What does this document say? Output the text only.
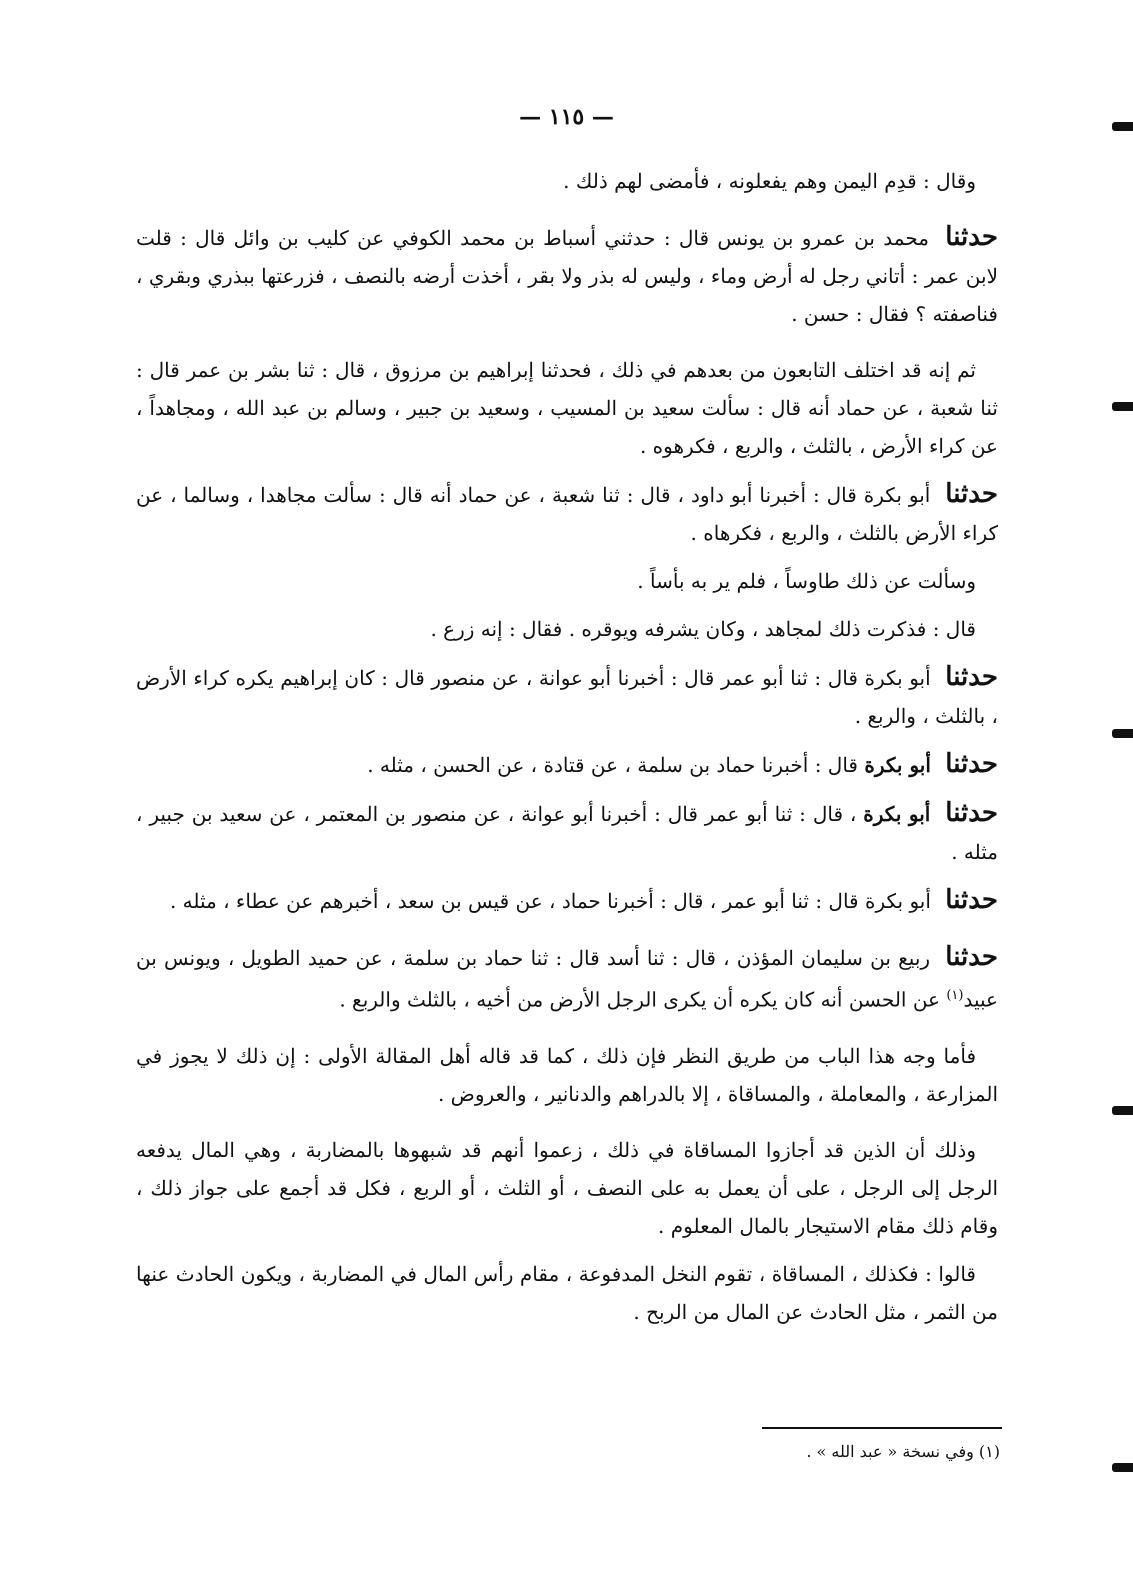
— ١١٥ —

وقال : قدِم اليمن وهم يفعلونه ، فأمضى لهم ذلك .

حدثنا محمد بن عمرو بن يونس قال : حدثني أسباط بن محمد الكوفي عن كليب بن وائل قال : قلت لابن عمر : أتاني رجل له أرض وماء ، وليس له بذر ولا بقر ، أخذت أرضه بالنصف ، فزرعتها ببذري وبقري ، فناصفته ؟ فقال : حسن .

ثم إنه قد اختلف التابعون من بعدهم في ذلك ، فحدثنا إبراهيم بن مرزوق ، قال : ثنا بشر بن عمر قال : ثنا شعبة ، عن حماد أنه قال : سألت سعيد بن المسيب ، وسعيد بن جبير ، وسالم بن عبد الله ، ومجاهداً ، عن كراء الأرض ، بالثلث ، والربع ، فكرهوه .

حدثنا أبو بكرة قال : أخبرنا أبو داود ، قال : ثنا شعبة ، عن حماد أنه قال : سألت مجاهدا ، وسالما ، عن كراء الأرض بالثلث ، والربع ، فكرهاه .

وسألت عن ذلك طاوساً ، فلم ير به بأساً .

قال : فذكرت ذلك لمجاهد ، وكان يشرفه ويوقره . فقال : إنه زرع .

حدثنا أبو بكرة قال : ثنا أبو عمر قال : أخبرنا أبو عوانة ، عن منصور قال : كان إبراهيم يكره كراء الأرض ، بالثلث ، والربع .

حدثنا أبو بكرة قال : أخبرنا حماد بن سلمة ، عن قتادة ، عن الحسن ، مثله .

حدثنا أبو بكرة ، قال : ثنا أبو عمر قال : أخبرنا أبو عوانة ، عن منصور بن المعتمر ، عن سعيد بن جبير ، مثله .

حدثنا أبو بكرة قال : ثنا أبو عمر ، قال : أخبرنا حماد ، عن قيس بن سعد ، أخبرهم عن عطاء ، مثله .

حدثنا ربيع بن سليمان المؤذن ، قال : ثنا أسد قال : ثنا حماد بن سلمة ، عن حميد الطويل ، ويونس بن عبيد$^{(١)}$ عن الحسن أنه كان يكره أن يكرى الرجل الأرض من أخيه ، بالثلث والربع .

فأما وجه هذا الباب من طريق النظر فإن ذلك ، كما قد قاله أهل المقالة الأولى : إن ذلك لا يجوز في المزارعة ، والمعاملة ، والمساقاة ، إلا بالدراهم والدنانير ، والعروض .

وذلك أن الذين قد أجازوا المساقاة في ذلك ، زعموا أنهم قد شبهوها بالمضاربة ، وهي المال يدفعه الرجل إلى الرجل ، على أن يعمل به على النصف ، أو الثلث ، أو الربع ، فكل قد أجمع على جواز ذلك ، وقام ذلك مقام الاستيجار بالمال المعلوم .

قالوا : فكذلك ، المساقاة ، تقوم النخل المدفوعة ، مقام رأس المال في المضاربة ، ويكون الحادث عنها من الثمر ، مثل الحادث عن المال من الربح .

(١) وفي نسخة « عبد الله » .
